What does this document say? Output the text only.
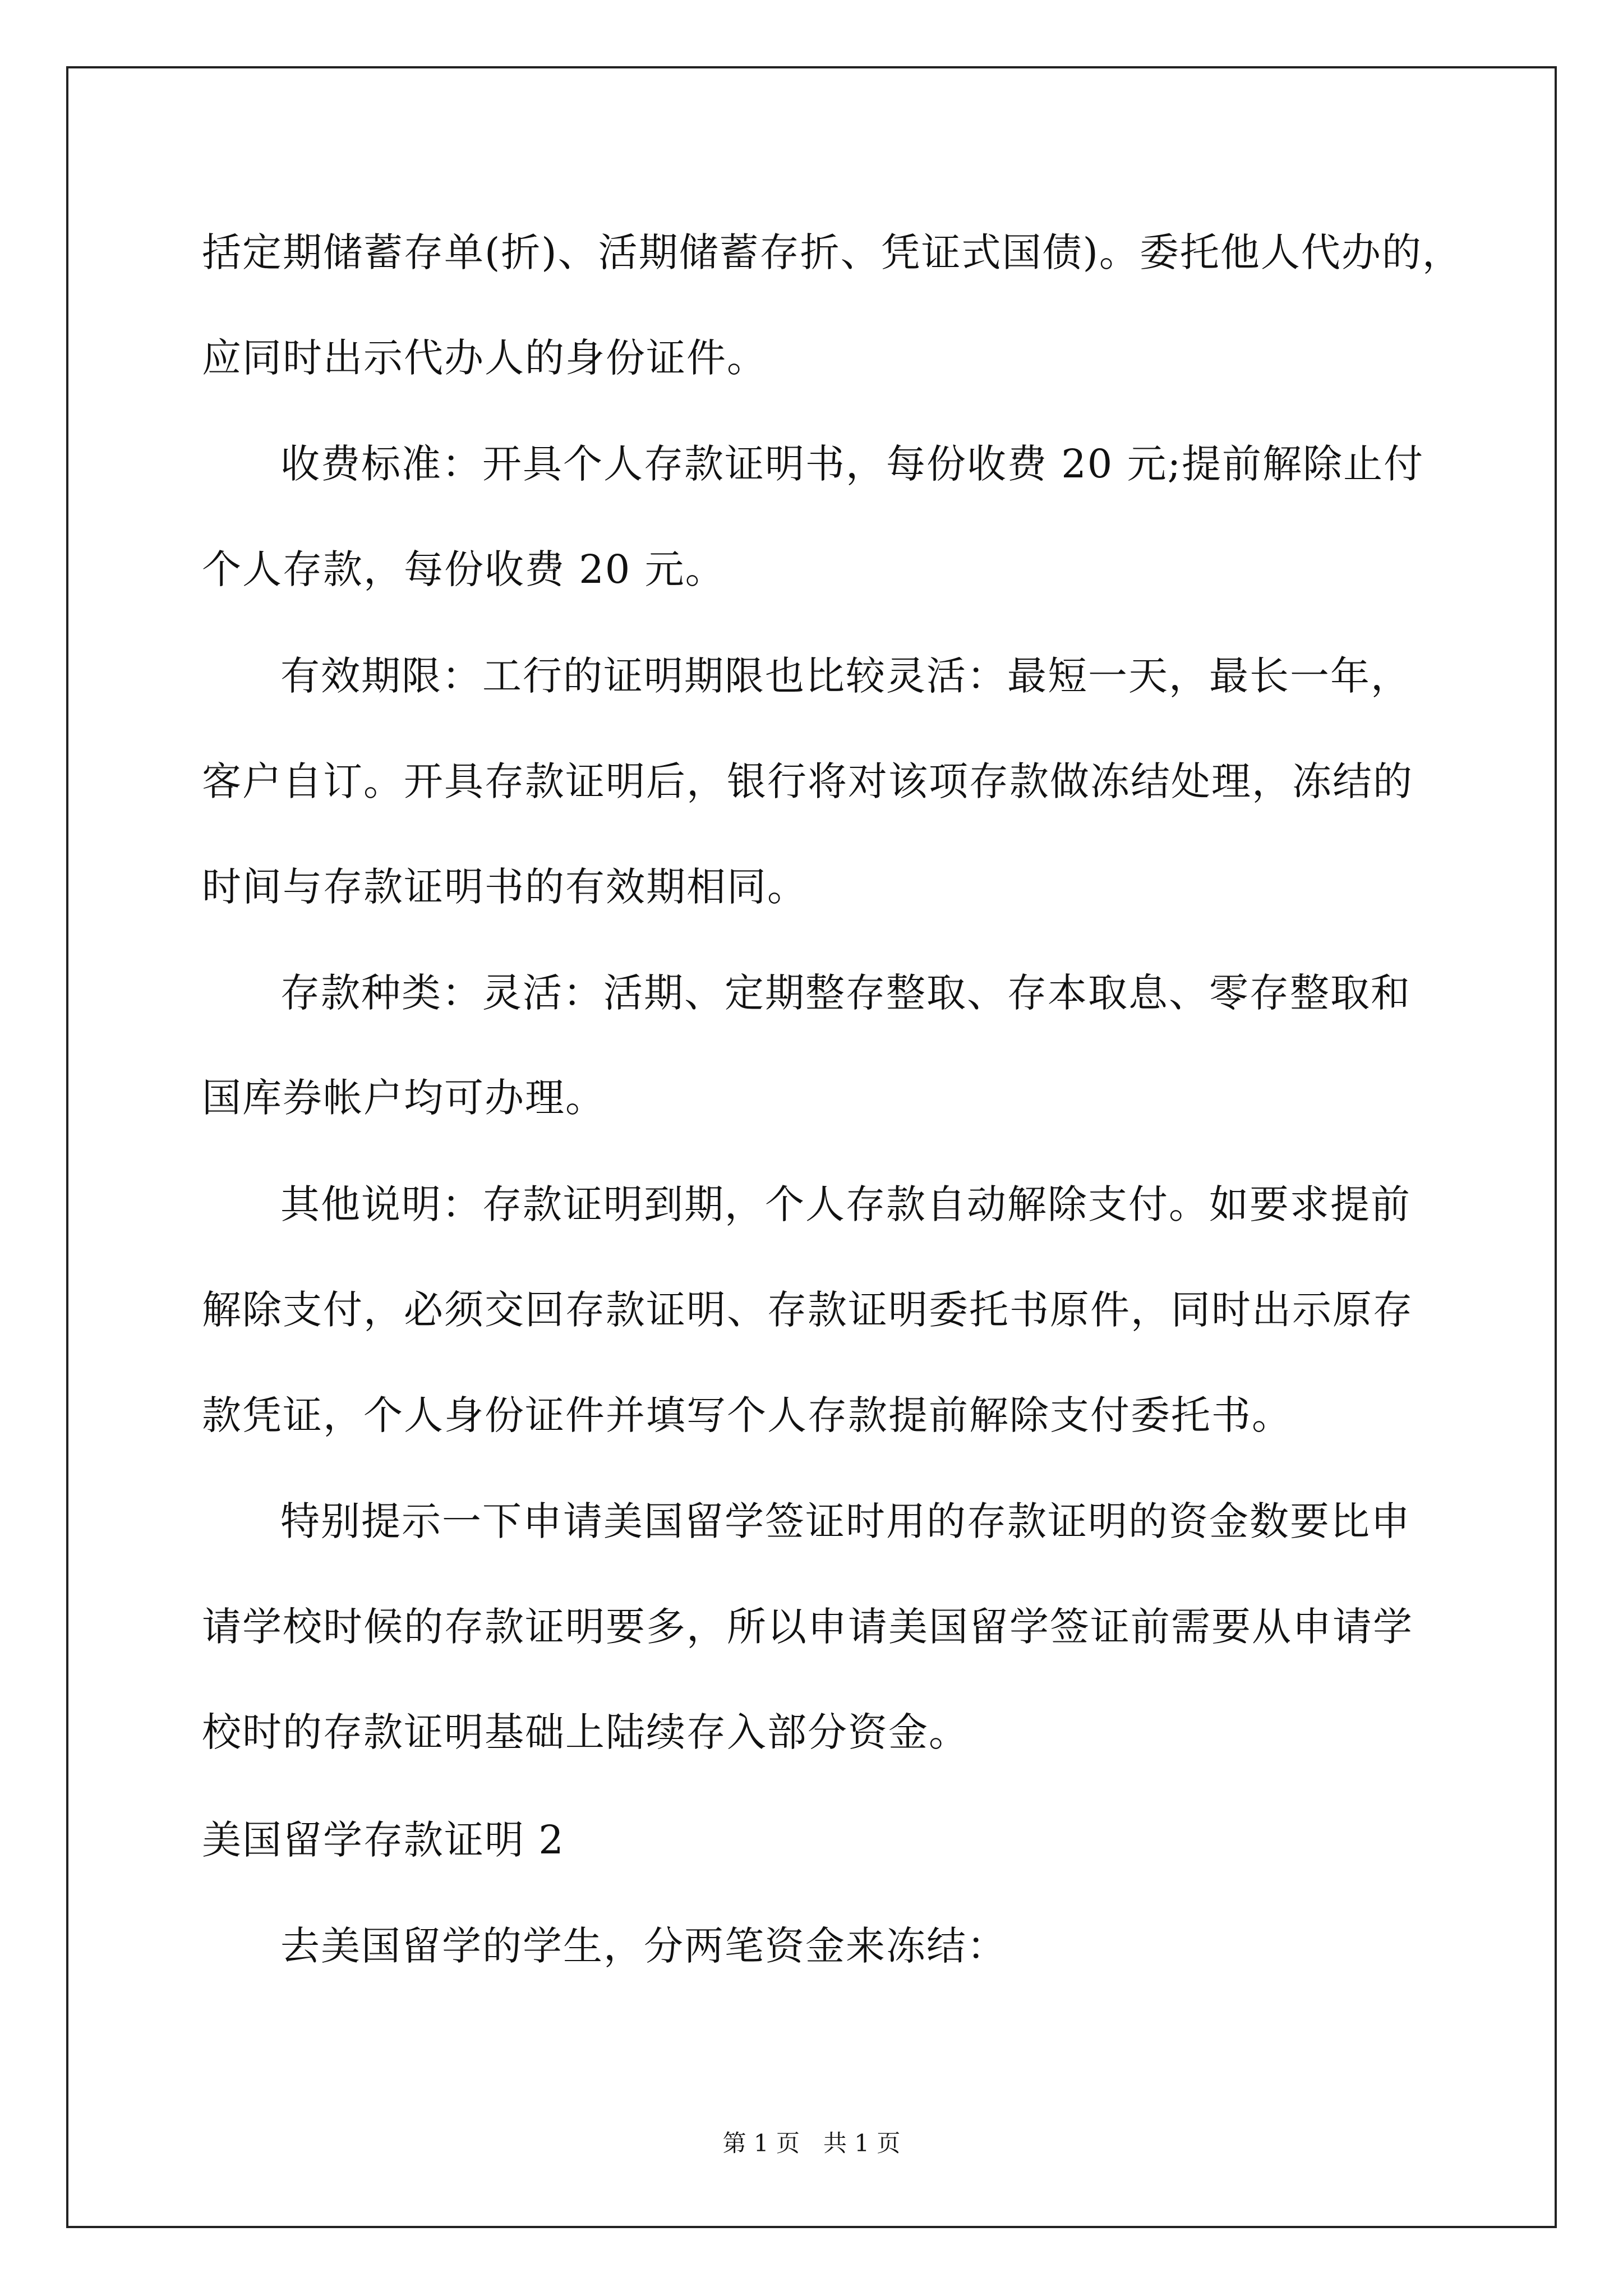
括定期储蓄存单(折)、活期储蓄存折、凭证式国债)。委托他人代办的，

应同时出示代办人的身份证件。

收费标准：开具个人存款证明书，每份收费 20 元;提前解除止付

个人存款，每份收费 20 元。

有效期限：工行的证明期限也比较灵活：最短一天，最长一年，

客户自订。开具存款证明后，银行将对该项存款做冻结处理，冻结的

时间与存款证明书的有效期相同。

存款种类：灵活：活期、定期整存整取、存本取息、零存整取和

国库券帐户均可办理。

其他说明：存款证明到期，个人存款自动解除支付。如要求提前

解除支付，必须交回存款证明、存款证明委托书原件，同时出示原存

款凭证，个人身份证件并填写个人存款提前解除支付委托书。

特别提示一下申请美国留学签证时用的存款证明的资金数要比申

请学校时候的存款证明要多，所以申请美国留学签证前需要从申请学

校时的存款证明基础上陆续存入部分资金。

美国留学存款证明 2

去美国留学的学生，分两笔资金来冻结：

第 1 页　共 1 页
